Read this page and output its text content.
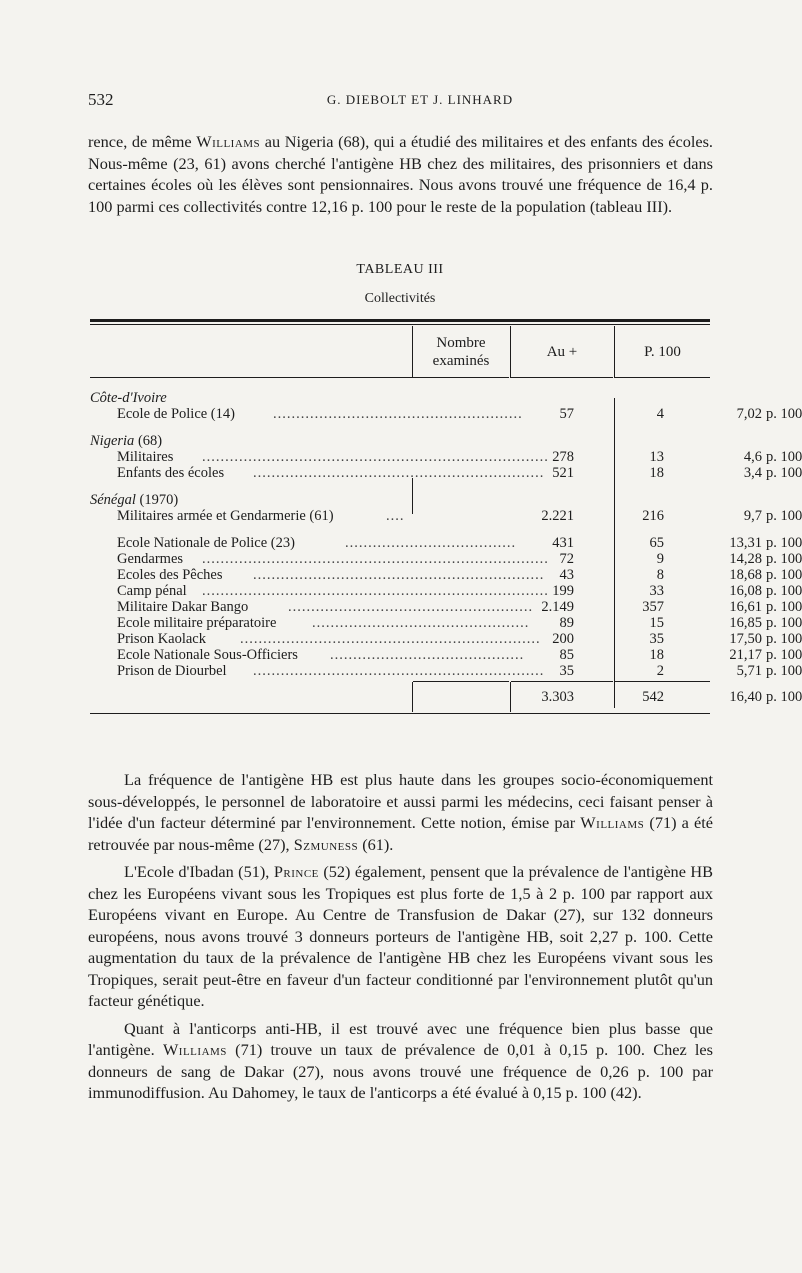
532	G. DIEBOLT ET J. LINHARD

rence, de même Williams au Nigeria (68), qui a étudié des militaires et des enfants des écoles. Nous-même (23, 61) avons cherché l'antigène HB chez des militaires, des prisonniers et dans certaines écoles où les élèves sont pensionnaires. Nous avons trouvé une fréquence de 16,4 p. 100 parmi ces collectivités contre 12,16 p. 100 pour le reste de la population (tableau III).

TABLEAU III
Collectivités
Nombre
examinés
Au +	P. 100
Côte-d'Ivoire
Ecole de Police (14)	......................................................	57	4	7,02 p. 100
Nigeria (68)
Militaires ........................................................................... 278	13	4,6 p. 100
Enfants des écoles ............................................................... 521	18	3,4 p. 100
Sénégal (1970)
Militaires armée et Gendarmerie (61)	....	2.221	216	9,7 p. 100
Ecole Nationale de Police (23)	.....................................	431	65	13,31 p. 100
Gendarmes ........................................................................... 72	9	14,28 p. 100
Ecoles des Pêches ...............................................................	43	8	18,68 p. 100
Camp pénal ........................................................................... 199	33	16,08 p. 100
Militaire Dakar Bango	..................................................... 2.149	357	16,61 p. 100
Ecole militaire préparatoire ...............................................	89	15	16,85 p. 100
Prison Kaolack ................................................................. 200	35	17,50 p. 100
Ecole Nationale Sous-Officiers ..........................................	85	18	21,17 p. 100
Prison de Diourbel ...............................................................	35	2	5,71 p. 100
3.303	542	16,40 p. 100

La fréquence de l'antigène HB est plus haute dans les groupes socio-économiquement sous-développés, le personnel de laboratoire et aussi parmi les médecins, ceci faisant penser à l'idée d'un facteur déterminé par l'environnement. Cette notion, émise par Williams (71) a été retrouvée par nous-même (27), Szmuness (61).

L'Ecole d'Ibadan (51), Prince (52) également, pensent que la prévalence de l'antigène HB chez les Européens vivant sous les Tropiques est plus forte de 1,5 à 2 p. 100 par rapport aux Européens vivant en Europe. Au Centre de Transfusion de Dakar (27), sur 132 donneurs européens, nous avons trouvé 3 donneurs porteurs de l'antigène HB, soit 2,27 p. 100. Cette augmentation du taux de la prévalence de l'antigène HB chez les Européens vivant sous les Tropiques, serait peut-être en faveur d'un facteur conditionné par l'environnement plutôt qu'un facteur génétique.

Quant à l'anticorps anti-HB, il est trouvé avec une fréquence bien plus basse que l'antigène. Williams (71) trouve un taux de prévalence de 0,01 à 0,15 p. 100. Chez les donneurs de sang de Dakar (27), nous avons trouvé une fréquence de 0,26 p. 100 par immunodiffusion. Au Dahomey, le taux de l'anticorps a été évalué à 0,15 p. 100 (42).
